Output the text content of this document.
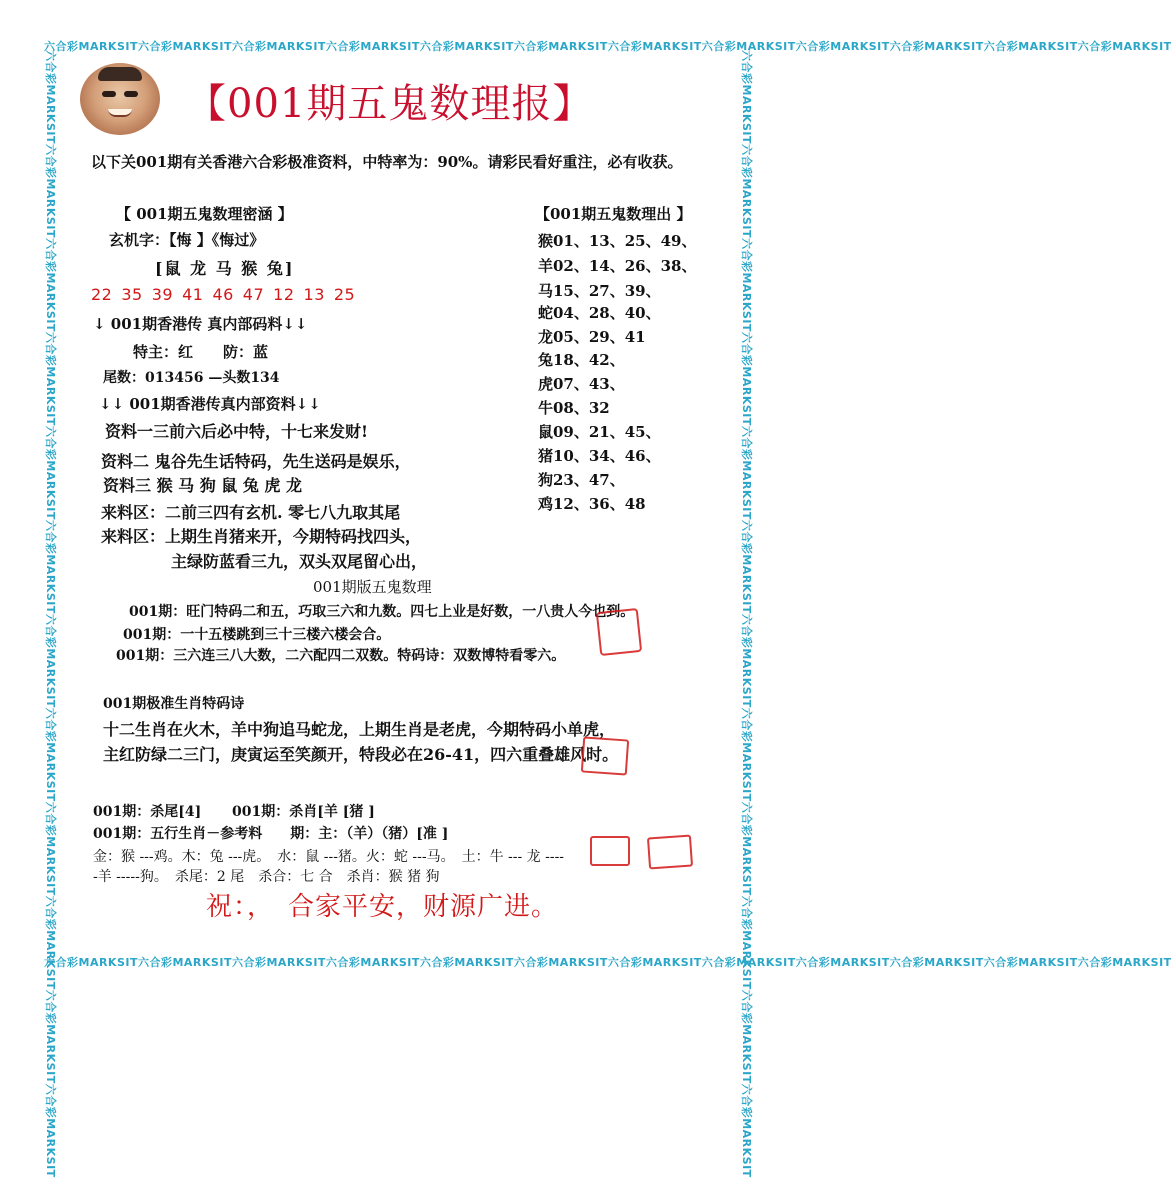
六合彩MARKSIT六合彩MARKSIT六合彩MARKSIT六合彩MARKSIT六合彩MARKSIT六合彩MARKSIT六合彩MARKSIT六合彩MARKSIT六合彩MARKSIT六合彩MARKSIT六合彩MARKSIT六合彩MARKSIT
六合彩MARKSIT六合彩MARKSIT六合彩MARKSIT六合彩MARKSIT六合彩MARKSIT六合彩MARKSIT六合彩MARKSIT六合彩MARKSIT六合彩MARKSIT六合彩MARKSIT六合彩MARKSIT六合彩MARKSIT
六合彩MARKSIT六合彩MARKSIT六合彩MARKSIT六合彩MARKSIT六合彩MARKSIT六合彩MARKSIT六合彩MARKSIT六合彩MARKSIT六合彩MARKSIT六合彩MARKSIT六合彩MARKSIT六合彩MARKSIT	六合彩MARKSIT六合彩MARKSIT六合彩MARKSIT六合彩MARKSIT六合彩MARKSIT六合彩MARKSIT六合彩MARKSIT六合彩MARKSIT六合彩MARKSIT六合彩MARKSIT六合彩MARKSIT六合彩MARKSIT
【001期五鬼数理报】
以下关001期有关香港六合彩极准资料，中特率为：90%。请彩民看好重注，必有收获。
【 001期五鬼数理密涵 】
玄机字：【悔 】《悔过》
[鼠 龙 马 猴 兔]
22 35 39 41 46 47 12 13 25
↓ 001期香港传 真内部码料↓↓
特主：红　　防：蓝
尾数：013456 —头数134
↓↓ 001期香港传真内部资料↓↓
资料一三前六后必中特，十七来发财!
资料二 鬼谷先生话特码，先生送码是娱乐，
资料三 猴 马 狗 鼠 兔 虎 龙
来料区：二前三四有玄机. 零七八九取其尾
来料区：上期生肖猪来开，今期特码找四头，
主绿防蓝看三九，双头双尾留心出，
001期版五鬼数理
001期：旺门特码二和五，巧取三六和九数。四七上业是好数，一八贵人今也到。
001期：一十五楼跳到三十三楼六楼会合。
001期：三六连三八大数，二六配四二双数。特码诗：双数博特看零六。
【001期五鬼数理出 】
猴01、13、25、49、
羊02、14、26、38、
马15、27、39、
蛇04、28、40、
龙05、29、41
兔18、42、
虎07、43、
牛08、32
鼠09、21、45、
猪10、34、46、
狗23、47、
鸡12、36、48
001期极准生肖特码诗
十二生肖在火木，羊中狗追马蛇龙，上期生肖是老虎，今期特码小单虎，
主红防绿二三门，庚寅运至笑颜开，特段必在26-41，四六重叠雄风时。
001期：杀尾[4] 001期：杀肖[羊 [猪 ]
001期：五行生肖－参考料　　期：主：（羊）（猪）[准 ]
金：猴 ---鸡。木：兔 ---虎。　水：鼠 ---猪。火：蛇 ---马。　土：牛 --- 龙 ----
-羊 -----狗。　杀尾：2 尾　杀合：七 合　杀肖：猴 猪 狗
祝：，　合家平安，财源广进。
